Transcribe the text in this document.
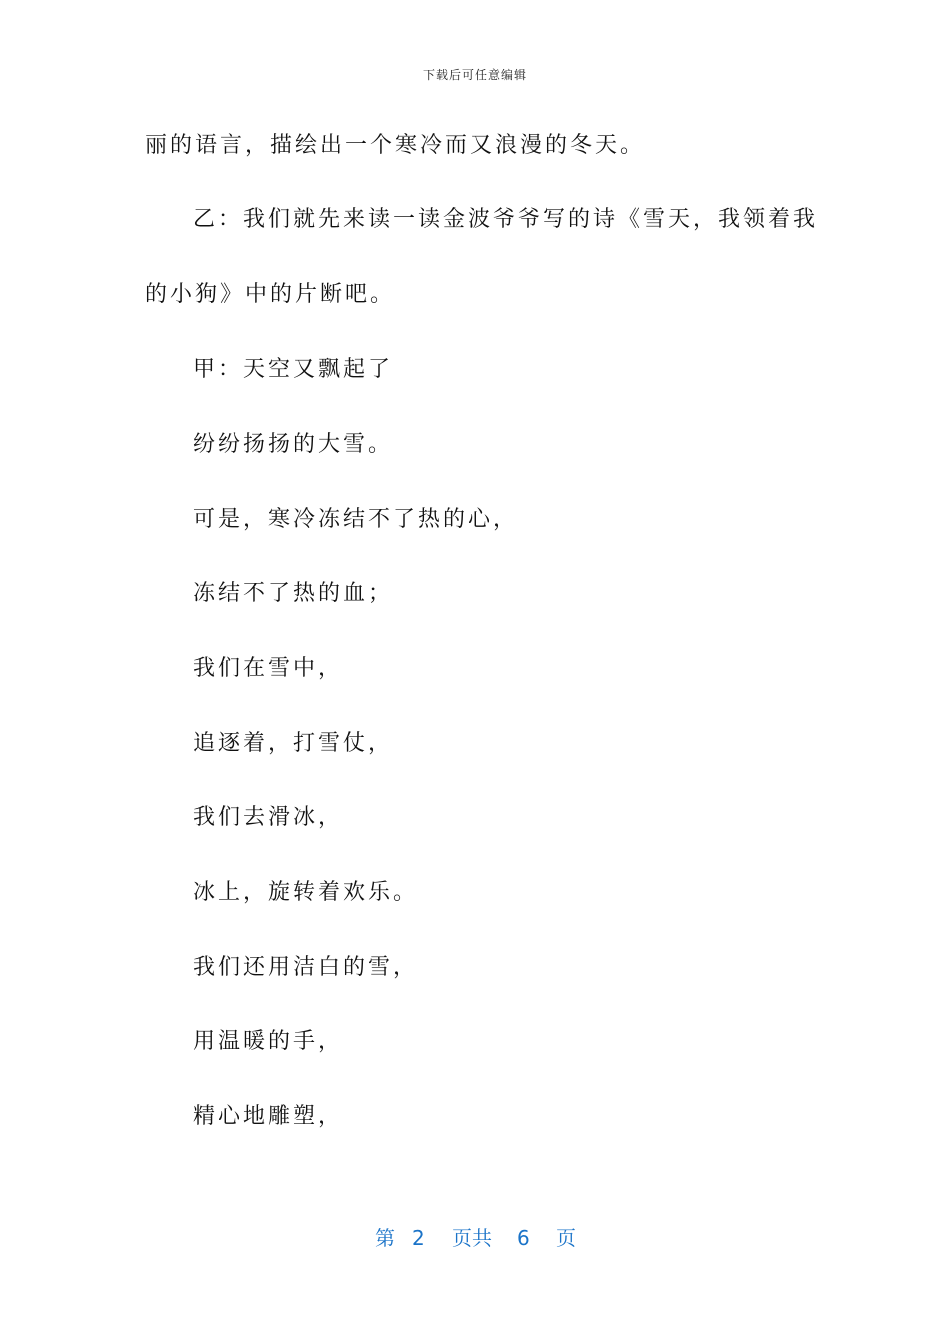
下载后可任意编辑
丽的语言，描绘出一个寒冷而又浪漫的冬天。
乙：我们就先来读一读金波爷爷写的诗《雪天，我领着我
的小狗》中的片断吧。
甲：天空又飘起了
纷纷扬扬的大雪。
可是，寒冷冻结不了热的心，
冻结不了热的血；
我们在雪中，
追逐着，打雪仗，
我们去滑冰，
冰上，旋转着欢乐。
我们还用洁白的雪，
用温暖的手，
精心地雕塑，
第 2 页共 6 页
